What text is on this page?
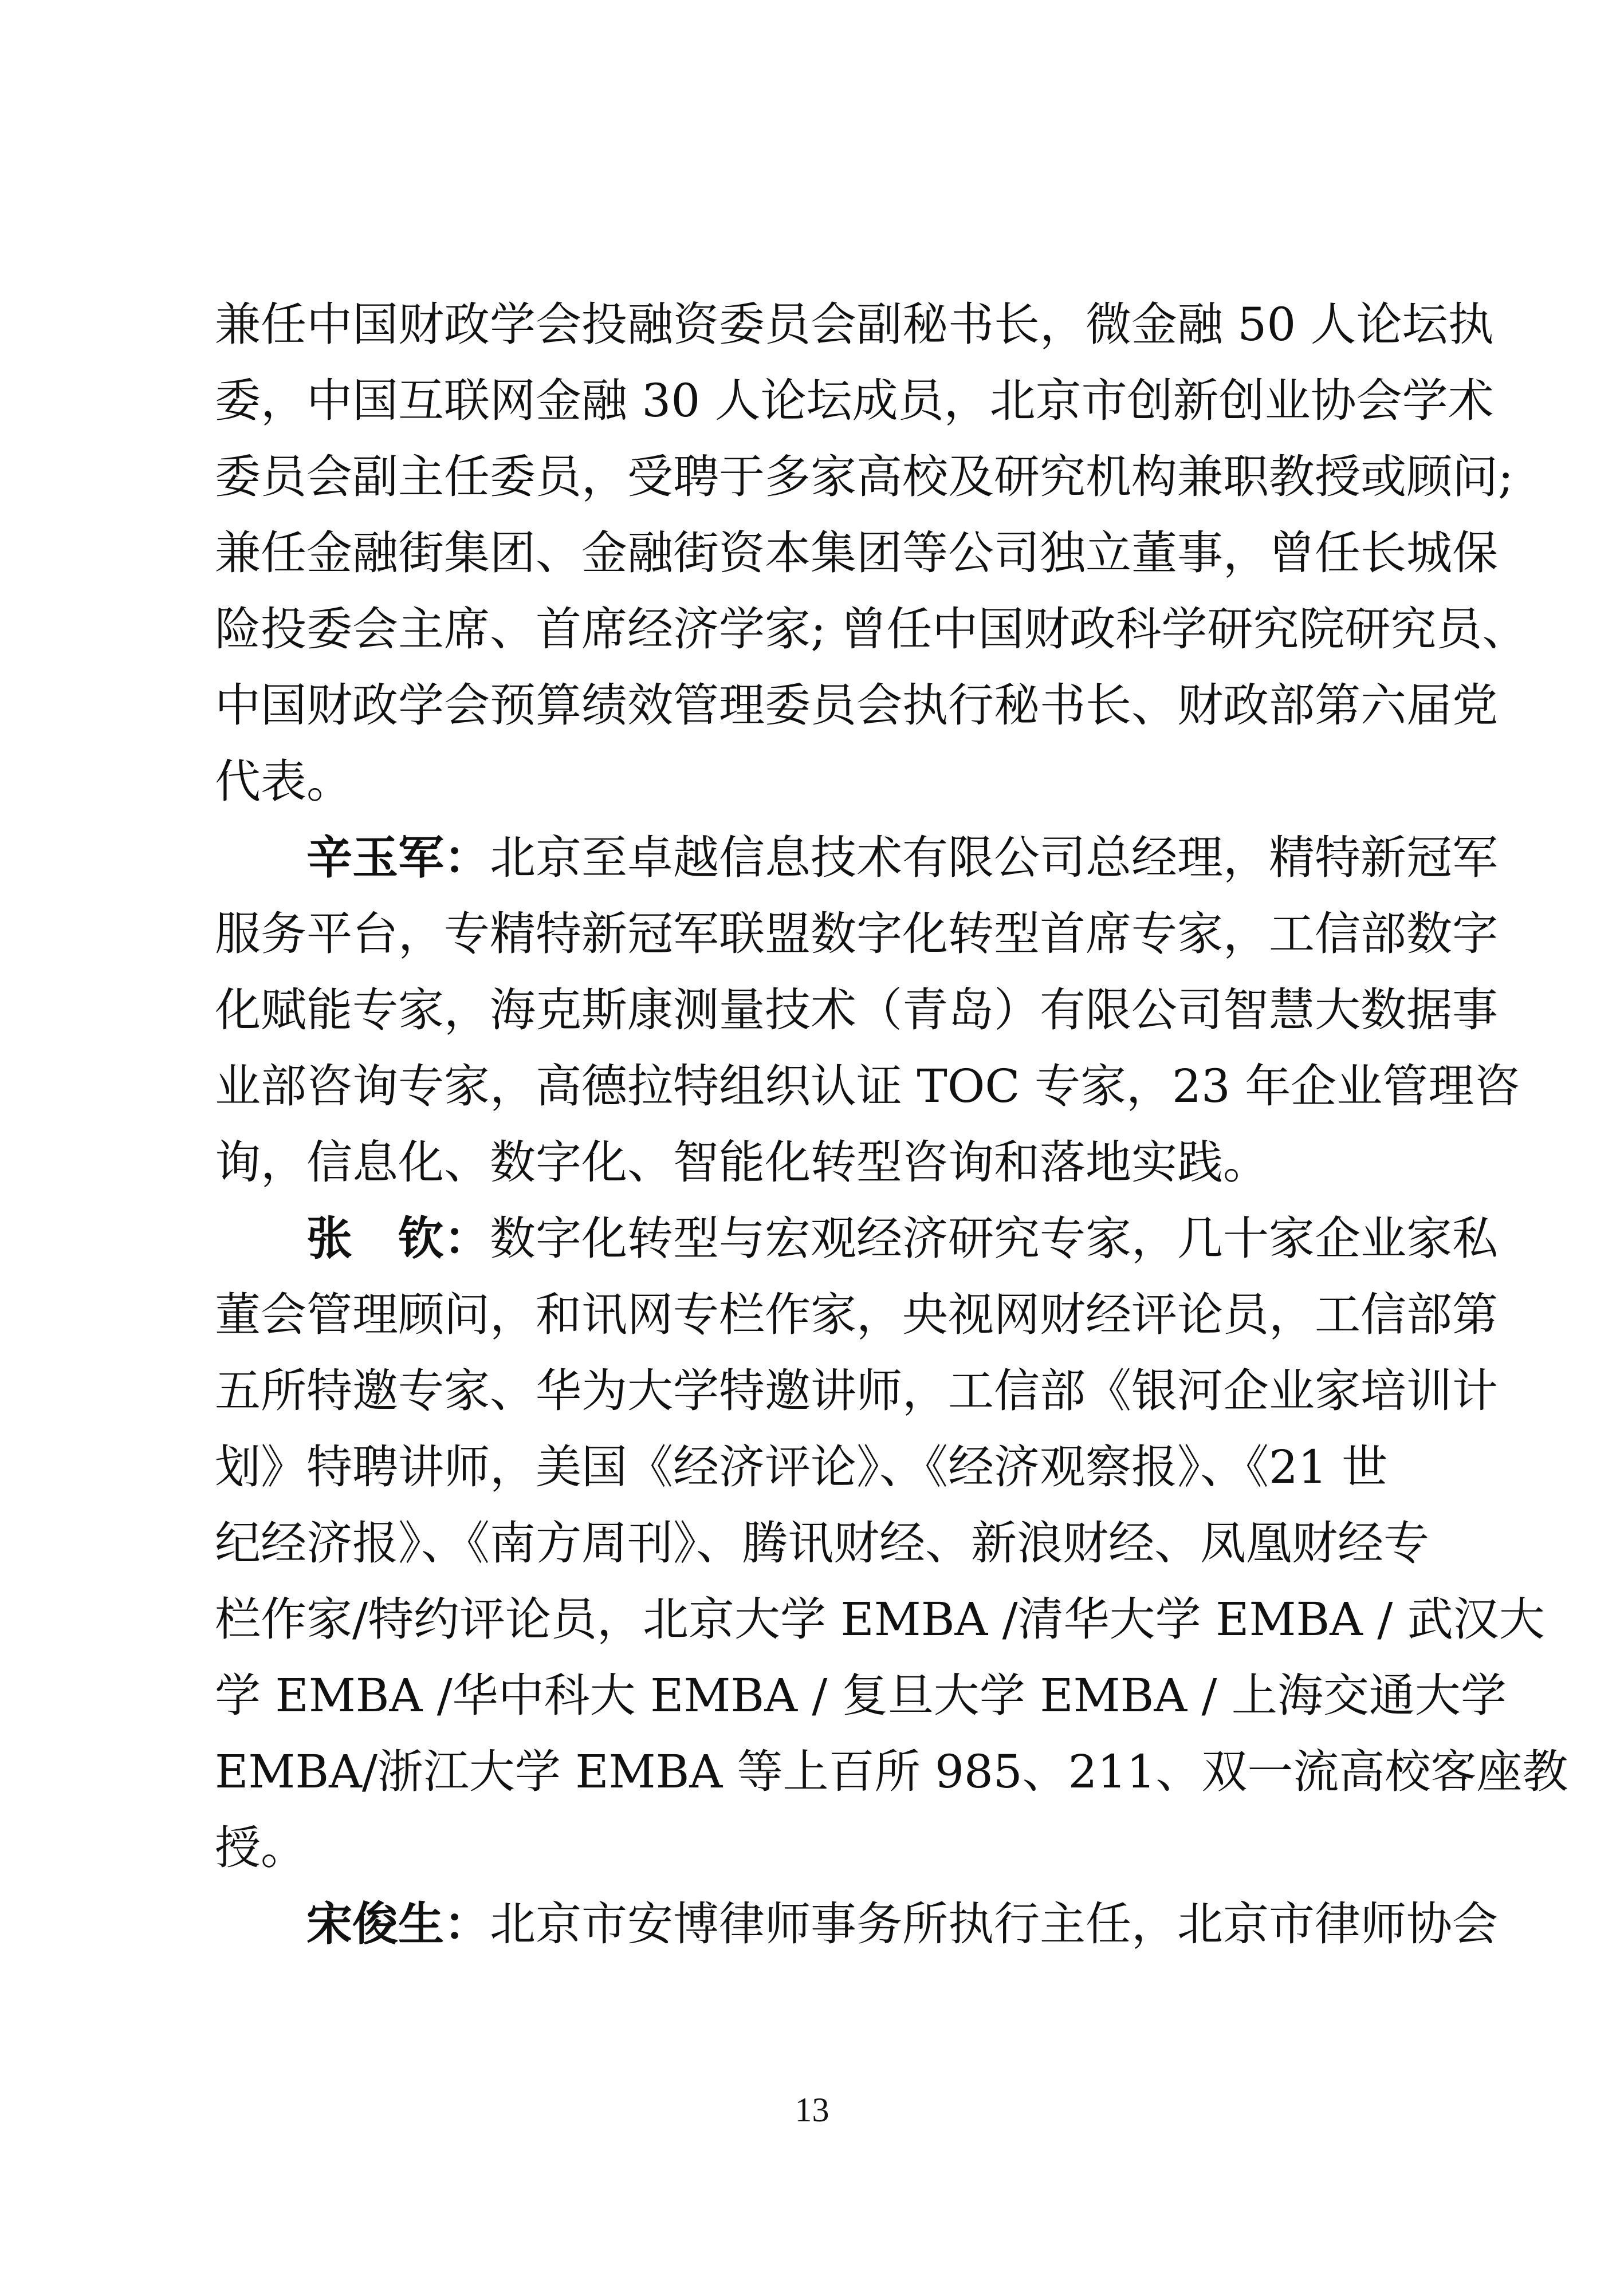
兼任中国财政学会投融资委员会副秘书长，微金融 50 人论坛执
委，中国互联网金融 30 人论坛成员，北京市创新创业协会学术
委员会副主任委员，受聘于多家高校及研究机构兼职教授或顾问;
兼任金融街集团、金融街资本集团等公司独立董事，曾任长城保
险投委会主席、首席经济学家; 曾任中国财政科学研究院研究员、
中国财政学会预算绩效管理委员会执行秘书长、财政部第六届党
代表。

辛玉军：北京至卓越信息技术有限公司总经理，精特新冠军
服务平台，专精特新冠军联盟数字化转型首席专家，工信部数字
化赋能专家，海克斯康测量技术（青岛）有限公司智慧大数据事
业部咨询专家，高德拉特组织认证 TOC 专家，23 年企业管理咨
询，信息化、数字化、智能化转型咨询和落地实践。

张　钦：数字化转型与宏观经济研究专家，几十家企业家私
董会管理顾问，和讯网专栏作家，央视网财经评论员，工信部第
五所特邀专家、华为大学特邀讲师，工信部《银河企业家培训计
划》特聘讲师，美国《经济评论》、《经济观察报》、《21 世
纪经济报》、《南方周刊》、腾讯财经、新浪财经、凤凰财经专
栏作家/特约评论员，北京大学 EMBA /清华大学 EMBA / 武汉大
学 EMBA /华中科大 EMBA / 复旦大学 EMBA / 上海交通大学
EMBA/浙江大学 EMBA 等上百所 985、211、双一流高校客座教
授。

宋俊生：北京市安博律师事务所执行主任，北京市律师协会

13
